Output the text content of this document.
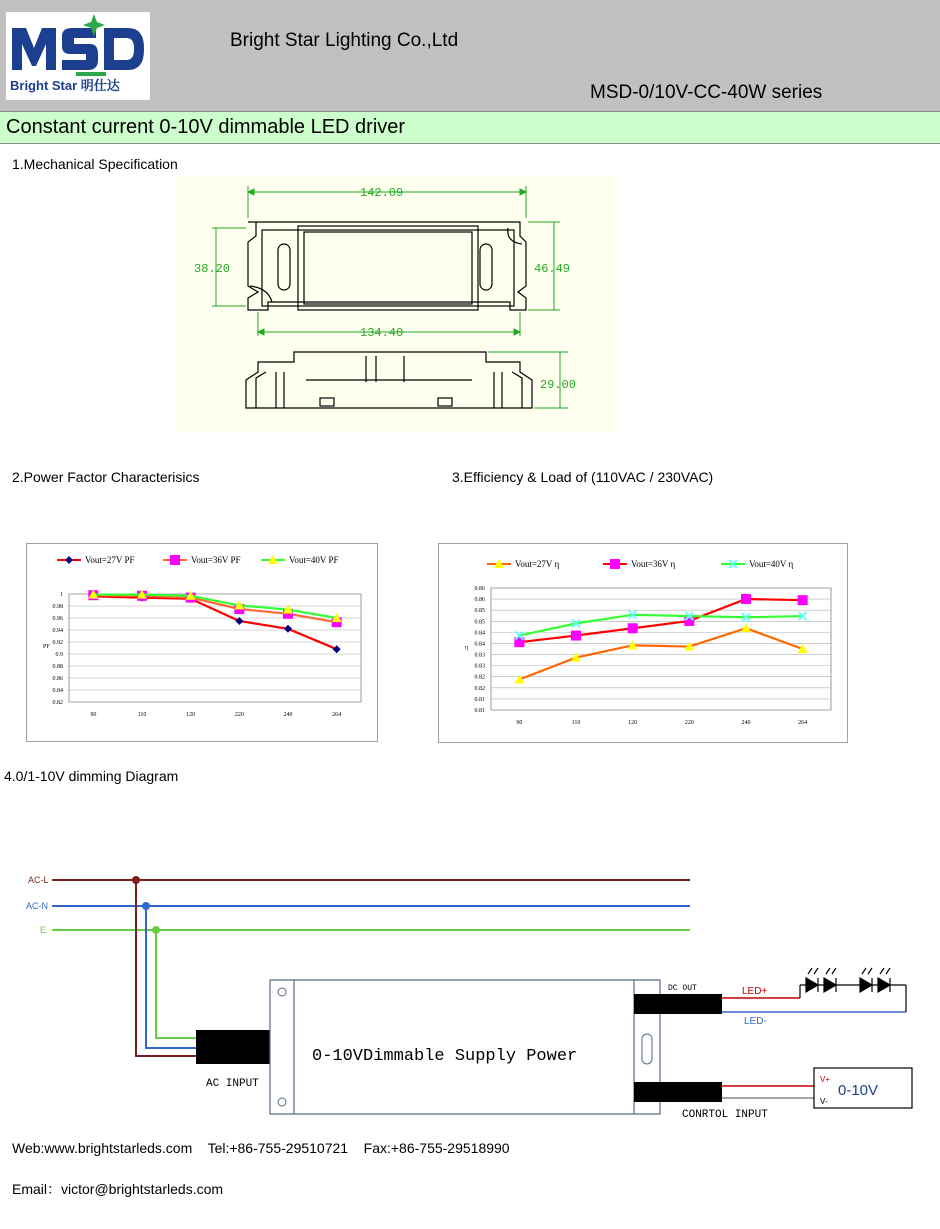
Bright Star 明仕达
Bright Star Lighting Co.,Ltd
MSD-0/10V-CC-40W series
Constant current 0-10V dimmable LED driver
1.Mechanical Specification
142.09
134.40
38.20	46.49
29.00
2.Power Factor Characterisics	3.Efficiency & Load of (110VAC / 230VAC)
1
0.98
0.96
0.94
0.92
0.9
0.88
0.86
0.84
0.82
90	110	120	220	240	264
PF
Vout=27V PF	Vout=36V PF	Vout=40V PF
0.86
0.86
0.85
0.85
0.84
0.84
0.83
0.83
0.82
0.82
0.81
0.81
90	110	120	220	240	264
η
Vout=27V η	Vout=36V η	Vout=40V η
4.0/1-10V dimming Diagram
AC-L
AC-N
E
AC INPUT
0-10VDimmable Supply Power
DC OUT	LED+
LED-
CONRTOL INPUT
V+
V-
0-10V
Web:www.brightstarleds.com Tel:+86-755-29510721 Fax:+86-755-29518990
Email：victor@brightstarleds.com
